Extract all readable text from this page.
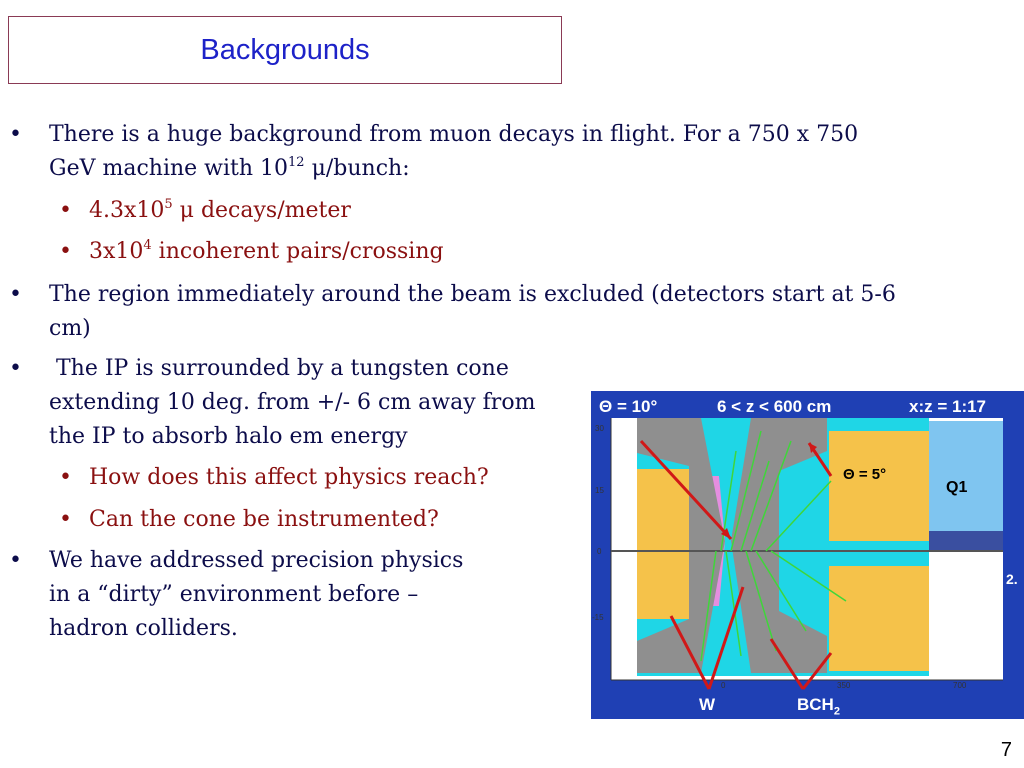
Backgrounds
• There is a huge background from muon decays in flight. For a 750 x 750
GeV machine with $10^{12}$ μ/bunch:
• $4.3x10^5$ μ decays/meter
• $3x10^4$ incoherent pairs/crossing
• The region immediately around the beam is excluded (detectors start at 5-6
cm)
• The IP is surrounded by a tungsten cone
extending 10 deg. from +/- 6 cm away from
the IP to absorb halo em energy
• How does this affect physics reach?
• Can the cone be instrumented?
• We have addressed precision physics
in a “dirty” environment before –
hadron colliders.
Θ = 10°	6 < z < 600 cm	x:z = 1:17
Θ = 5°
Q1
2.
30
15
0
-15
0	350	700
W	$BCH_2$
7
